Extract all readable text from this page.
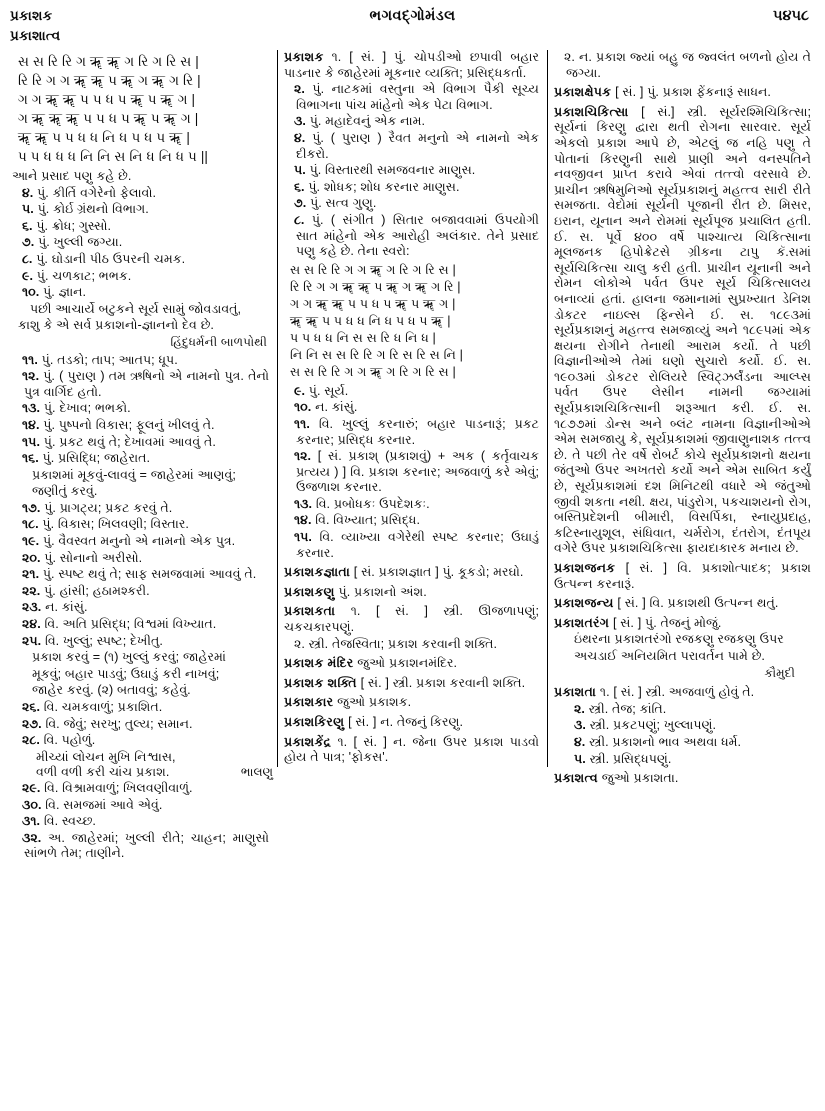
પ્રકાશક
પ્રકાશાત્વ
ભગવદ્ગોમંડલ	૫૪૫૮
સ સ રિ રિ ગ ॠ ॠ ગ રિ ગ રિ સ |
રિ રિ ગ ગ ॠ ॠ પ ॠ ગ ॠ ગ રિ |
ગ ગ ॠ ॠ પ પ ધ પ ॠ પ ॠ ગ |
ગ ॠ ॠ ॠ પ પ ધ પ ॠ પ ॠ ગ |
ॠ ॠ પ પ ધ ધ નિ ધ પ ધ પ ॠ |
પ પ ધ ધ ધ નિ નિ સ નિ ધ નિ ધ પ ||

આને પ્રસાદ પણુ કહે છે.

૪. પું. કીર્તિ વગેરેનો ફેલાવો.

૫. પું. કોર્ઇ ગ્રંથનો વિભાગ.

૬. પું. ક્રોધ; ગુસ્સો.

૭. પું. ખુલ્લી જગ્યા.

૮. પું. ઘોડાની પીઠ ઉપરની ચમક.

૯. પું. ચળકાટ; ભભક.

૧૦. પું. જ્ઞાન.

પછી આચાર્યે બટુકને સૂર્ય સામું જોવડાવતું,

કાશુ કે એ સર્વ પ્રકાશનો-જ્ઞાનનો દેવ છે.

હિંદુધર્મની બાળપોથી

૧૧. પું. તડકો; તાપ; આતપ; ધૂપ.

૧૨. પું. ( પુરાણ ) તમ ઋષિનો એ નામનો પુત્ર. તેનો પુત્ર વાર્ગિદ હતો.

૧૩. પું. દેખાવ; ભભકો.

૧૪. પું. પુષ્પનો વિકાસ; ફૂલનું ખીલવું તે.

૧૫. પું. પ્રકટ થવું તે; દેખાવમાં આવવું તે.

૧૬. પું. પ્રસિદ્ધિ; જાહેરાત.

પ્રકાશમાં મૂકવું-લાવવું = જાહેરમાં આણવું;

જણીતું કરવું.

૧૭. પું. પ્રાગટ્ય; પ્રકટ કરવું તે.

૧૮. પું. વિકાસ; ખિલવણી; વિસ્તાર.

૧૯. પું. વૈવસ્વત મનુનો એ નામનો એક પુત્ર.

૨૦. પું. સોનાનો અરીસો.

૨૧. પું. સ્પષ્ટ થવું તે; સાફ સમજવામાં આવવું તે.

૨૨. પું. હાંસી; હઠામશ્કરી.

૨૩. ન. કાંસું.

૨૪. વિ. અતિ પ્રસિદ્ધ; વિશ્વમાં વિખ્યાત.

૨૫. વિ. ખુલ્લું; સ્પષ્ટ; દેખીતુ.

પ્રકાશ કરવું = (૧) ખુલ્લું કરવું; જાહેરમાં

મૂકવું; બહાર પાડવું; ઉઘાડું કરી નાખવું;

જાહેર કરવું. (૨) બતાવવું; કહેવું.

૨૬. વિ. ચમકવાળું; પ્રકાશિત.

૨૭. વિ. જેવું; સરખુ; તુલ્ય; સમાન.

૨૮. વિ. પહોળું.

મીચ્યાં લોચન મુખિ નિશ્વાસ,

વળી વળી કરી ચાંચ પ્રકાશ.	ભાલણુ

૨૯. વિ. વિશ્રામવાળું; ખિલવણીવાળું.

૩૦. વિ. સમજમાં આવે એવું.

૩૧. વિ. સ્વચ્છ.

૩૨. અ. જાહેરમાં; ખુલ્લી રીતે; ચાહન; માણુસો સાંભળે તેમ; તાણીને.

પ્રકાશક ૧. [ સં. ] પું. ચોપડીઓ છપાવી બહાર પાડનાર કે જાહેરમાં મૂકનાર વ્યક્તિ; પ્રસિદ્ધકર્તા.

૨. પું. નાટકમાં વસ્તુના એ વિભાગ પૈકી સૂચ્ય વિભાગના પાંચ માંહેનો એક પેટા વિભાગ.

૩. પું. મહાદેવનું એક નામ.

૪. પું. ( પુરાણ ) રૈવત મનુનો એ નામનો એક દીકરો.

૫. પું. વિસ્તારથી સમજવનાર માણુસ.

૬. પું. શોધક; શોધ કરનાર માણુસ.

૭. પું. સત્વ ગુણુ.

૮. પું. ( સંગીત ) સિતાર બજાવવામાં ઉપયોગી સાત માંહેનો એક આરોહી અલંકાર. તેને પ્રસાદ પણુ કહે છે. તેના સ્વરો:

સ સ રિ રિ ગ ગ ॠ ગ રિ ગ રિ સ |
રિ રિ ગ ગ ॠ ॠ પ ॠ ગ ॠ ગ રિ |
ગ ગ ॠ ॠ પ પ ધ પ ॠ પ ॠ ગ |
ॠ ॠ પ પ ધ ધ નિ ધ પ ધ પ ॠ |
પ પ ધ ધ નિ સ સ રિ ધ નિ ધ |
નિ નિ સ સ રિ રિ ગ રિ સ રિ સ નિ |
સ સ રિ રિ ગ ગ ॠ ગ રિ ગ રિ સ |

૯. પું. સૂર્ય.

૧૦. ન. કાંસું.

૧૧. વિ. ખુલ્લું કરનારું; બહાર પાડનારૂં; પ્રકટ કરનાર; પ્રસિદ્ધ કરનાર.

૧૨. [ સં. પ્રકાશ્ (પ્રકાશવું) + અક ( કર્તૃવાચક પ્રત્યય ) ] વિ. પ્રકાશ કરનાર; અજવાળું કરે એવું; ઉજળાશ કરનાર.

૧૩. વિ. પ્રબોધકઃ ઉપદેશકઃ.

૧૪. વિ. વિખ્યાત; પ્રસિદ્ધ.

૧૫. વિ. વ્યાખ્યા વગેરેથી સ્પષ્ટ કરનાર; ઉઘાડું કરનાર.

પ્રકાશકજ્ઞાતા [ સં. પ્રકાશજ્ઞાત ] પું. કૂકડો; મરઘો.

પ્રકાશકણુ પું. પ્રકાશનો અંશ.

પ્રકાશકતા ૧. [ સં. ] સ્ત્રી. ઊજળાપણું; ચકચકારપણું.

૨. સ્ત્રી. તેજસ્વિતા; પ્રકાશ કરવાની શક્તિ.

પ્રકાશક મંદિર જુઓ પ્રકાશનમંદિર.

પ્રકાશક શક્તિ [ સં. ] સ્ત્રી. પ્રકાશ કરવાની શક્તિ.

પ્રકાશકાર જુઓ પ્રકાશક.

પ્રકાશકિરણુ [ સં. ] ન. તેજનું કિરણુ.

પ્રકાશકેંદ્ર ૧. [ સં. ] ન. જેના ઉપર પ્રકાશ પાડવો હોય તે પાત્ર; 'ફોકસ'.

૨. ન. પ્રકાશ જ્યાં બહુ જ જ્વલંત બળનો હોય તે જગ્યા.

પ્રકાશક્ષેપક [ સં. ] પું. પ્રકાશ ફેંકનારૂં સાધન.

પ્રકાશચિકિત્સા [ સં.] સ્ત્રી. સૂર્યરશ્મિચિકિત્સા; સૂર્યનાં કિરણુ દ્વારા થતી રોગના સારવાર. સૂર્ય એકલો પ્રકાશ આપે છે, એટલું જ નહિ પણુ તે પોતાનાં કિરણુની સાથે પ્રાણી અને વનસ્પતિને નવજીવન પ્રાપ્ત કરાવે એવાં તત્ત્વો વરસાવે છે. પ્રાચીન ઋષિમુનિઓ સૂર્યપ્રકાશનું મહત્ત્વ સારી રીતે સમજતા. વેદોમાં સૂર્યની પૂજાની રીત છે. મિસર, ઇરાન, યૂનાન અને રોમમાં સૂર્યપૂજ પ્રચાલિત હતી. ઈ. સ. પૂર્વે ૪૦૦ વર્ષે પાશ્ચાત્ય ચિકિત્સાના મૂલજનક હિપોક્રેટસે ગ્રીકના ટાપુ કૅ.સમાં સૂર્યચિકિત્સા ચાલુ કરી હતી. પ્રાચીન યૂનાની અને રોમન લોકોએ પર્વત ઉપર સૂર્ય ચિકિત્સાલય બનાવ્યાં હતાં. હાલના જમાનામાં સુપ્રખ્યાત ડેનિશ ડોકટર નાઇલ્સ ફિન્સેને ઈ. સ. ૧૮૯૩માં સૂર્યપ્રકાશનું મહત્ત્વ સમજાવ્યું અને ૧૮૯૫માં એક ક્ષયના રોગીને તેનાથી આરામ કર્યો. તે પછી વિજ્ઞાનીઓએ તેમાં ઘણો સુચારો કર્યો. ઈ. સ. ૧૯૦૩માં ડોકટર રોલિયરે સ્વિટ્ઝર્લૅંડના આલ્પ્સ પર્વત ઉપર લેસીન નામની જગ્યામાં સૂર્યપ્રકાશચિકિત્સાની શરૂઆત કરી. ઈ. સ. ૧૮૭૭માં ડોન્સ અને બ્લંટ નામના વિજ્ઞાનીઓએ એમ સમજાયુ કે, સૂર્યપ્રકાશમાં જીવાણુનાશક તત્ત્વ છે. તે પછી તેર વર્ષે રોબર્ટ કોચે સૂર્યપ્રકાશનો ક્ષયના જંતુઓ ઉપર અખતરો કર્યો અને એમ સાબિત કર્યું છે, સૂર્યપ્રકાશમાં દશ મિનિટથી વધારે એ જંતુઓ જીવી શકતા નથી. ક્ષય, પાંડુરોગ, પકચાશયનો રોગ, બસ્તિપ્રદેશની બીમારી, વિસર્પિકા, સ્નાયુપ્રદાહ, કટિસ્નાયુશૂલ, સંધિવાત, ચર્મરોગ, દંતરોગ, દંતપૂય વગેરે ઉપર પ્રકાશચિકિત્સા ફાયદાકારક મનાય છે.

પ્રકાશજનક [ સં. ] વિ. પ્રકાશોત્પાદક; પ્રકાશ ઉત્પન્ન કરનારૂં.

પ્રકાશજન્ય [ સં. ] વિ. પ્રકાશથી ઉત્પન્ન થતું.

પ્રકાશતરંગ [ સં. ] પું. તેજનું મોજું.

ઇંથરના પ્રકાશતરંગો રજકણુ રજકણુ ઉપર

અચડાઈ અનિયમિત પરાવર્તન પામે છે.

કૌમુદી

પ્રકાશતા ૧. [ સં. ] સ્ત્રી. અજવાળું હોવું તે.

૨. સ્ત્રી. તેજ; કાંતિ.

૩. સ્ત્રી. પ્રકટપણું; ખુલ્લાપણું.

૪. સ્ત્રી. પ્રકાશનો ભાવ અથવા ધર્મ.

૫. સ્ત્રી. પ્રસિદ્ધપણું.

પ્રકાશત્વ જુઓ પ્રકાશતા.
